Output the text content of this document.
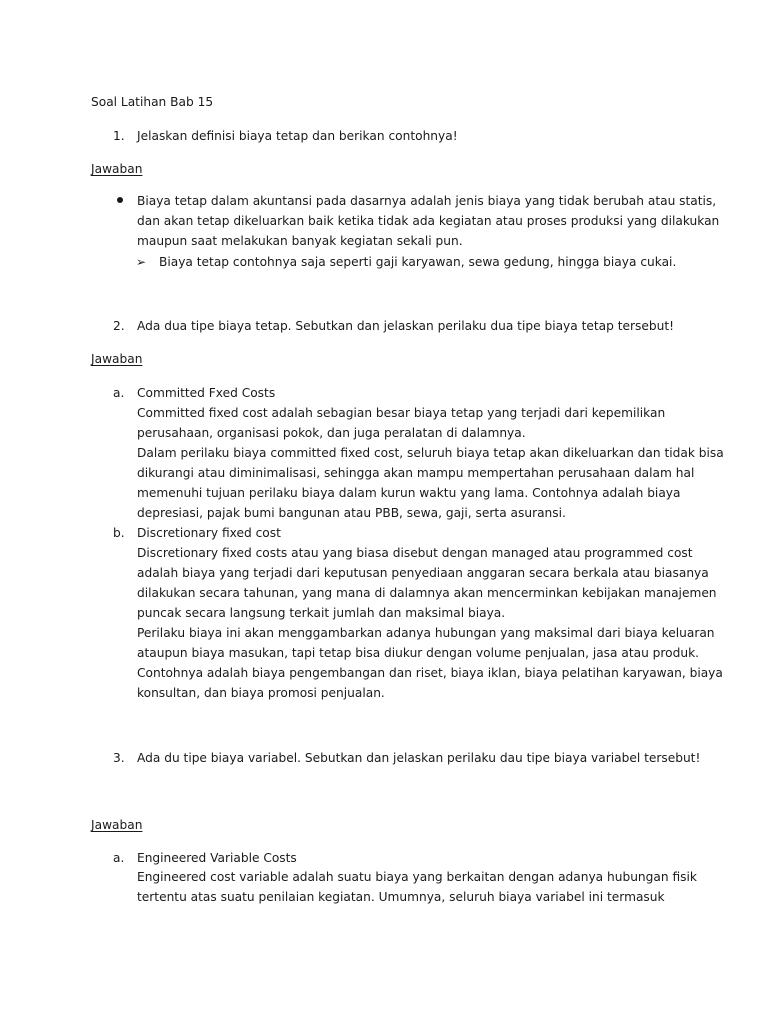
Soal Latihan Bab 15

1. Jelaskan definisi biaya tetap dan berikan contohnya!

Jawaban

Biaya tetap dalam akuntansi pada dasarnya adalah jenis biaya yang tidak berubah atau statis,

dan akan tetap dikeluarkan baik ketika tidak ada kegiatan atau proses produksi yang dilakukan

maupun saat melakukan banyak kegiatan sekali pun.

➢ Biaya tetap contohnya saja seperti gaji karyawan, sewa gedung, hingga biaya cukai.

2. Ada dua tipe biaya tetap. Sebutkan dan jelaskan perilaku dua tipe biaya tetap tersebut!

Jawaban

a. Committed Fxed Costs

Committed fixed cost adalah sebagian besar biaya tetap yang terjadi dari kepemilikan

perusahaan, organisasi pokok, dan juga peralatan di dalamnya.

Dalam perilaku biaya committed fixed cost, seluruh biaya tetap akan dikeluarkan dan tidak bisa

dikurangi atau diminimalisasi, sehingga akan mampu mempertahan perusahaan dalam hal

memenuhi tujuan perilaku biaya dalam kurun waktu yang lama. Contohnya adalah biaya

depresiasi, pajak bumi bangunan atau PBB, sewa, gaji, serta asuransi.

b. Discretionary fixed cost

Discretionary fixed costs atau yang biasa disebut dengan managed atau programmed cost

adalah biaya yang terjadi dari keputusan penyediaan anggaran secara berkala atau biasanya

dilakukan secara tahunan, yang mana di dalamnya akan mencerminkan kebijakan manajemen

puncak secara langsung terkait jumlah dan maksimal biaya.

Perilaku biaya ini akan menggambarkan adanya hubungan yang maksimal dari biaya keluaran

ataupun biaya masukan, tapi tetap bisa diukur dengan volume penjualan, jasa atau produk.

Contohnya adalah biaya pengembangan dan riset, biaya iklan, biaya pelatihan karyawan, biaya

konsultan, dan biaya promosi penjualan.

3. Ada du tipe biaya variabel. Sebutkan dan jelaskan perilaku dau tipe biaya variabel tersebut!

Jawaban

a. Engineered Variable Costs

Engineered cost variable adalah suatu biaya yang berkaitan dengan adanya hubungan fisik

tertentu atas suatu penilaian kegiatan. Umumnya, seluruh biaya variabel ini termasuk
